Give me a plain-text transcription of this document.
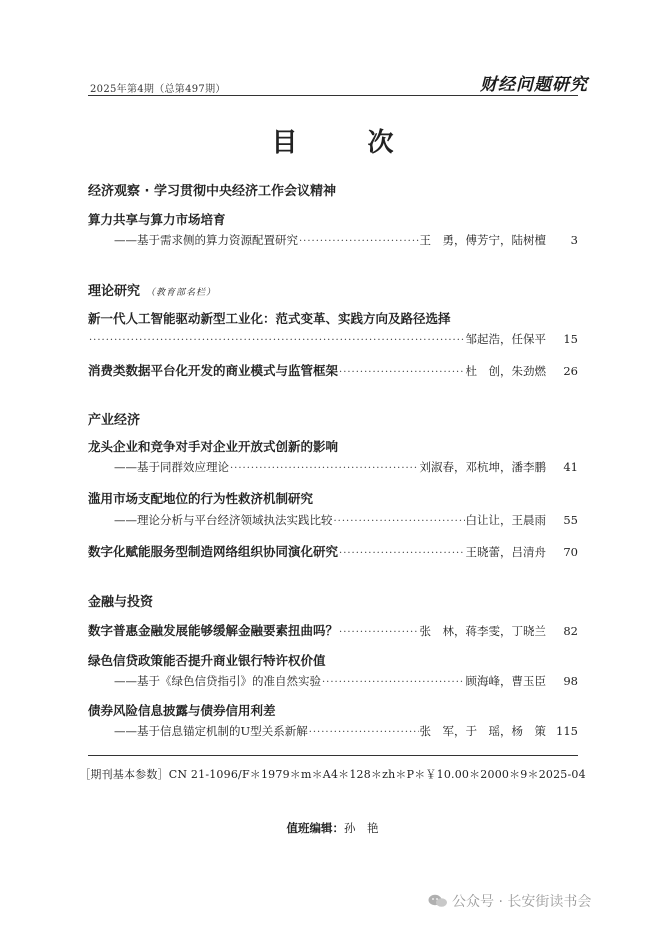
2025年第4期（总第497期）	财经问题研究
目　次
经济观察 · 学习贯彻中央经济工作会议精神
算力共享与算力市场培育
——基于需求侧的算力资源配置研究 ·····	王　勇，傅芳宁，陆树檀	3
理论研究 （教育部名栏）
新一代人工智能驱动新型工业化：范式变革、实践方向及路径选择
·····
邹起浩，任保平	15
消费类数据平台化开发的商业模式与监管框架 ·····	杜　创，朱劲燃	26
产业经济
龙头企业和竞争对手对企业开放式创新的影响
——基于同群效应理论 ·····	刘淑春，邓杭坤，潘李鹏	41
滥用市场支配地位的行为性救济机制研究
——理论分析与平台经济领域执法实践比较 ·····	白让让，王晨雨	55
数字化赋能服务型制造网络组织协同演化研究 ·····	王晓蕾，吕清舟	70
金融与投资
数字普惠金融发展能够缓解金融要素扭曲吗？ ·····	张　林，蒋李雯，丁晓兰	82
绿色信贷政策能否提升商业银行特许权价值
——基于《绿色信贷指引》的准自然实验 ·····	顾海峰，曹玉臣	98
债券风险信息披露与债券信用利差
——基于信息锚定机制的U型关系新解 ·····	张　军，于　瑶，杨　策 115
［期刊基本参数］CN 21-1096/F＊1979＊m＊A4＊128＊zh＊P＊￥10.00＊2000＊9＊2025-04
值班编辑：孙　艳
公众号 · 长安街读书会
